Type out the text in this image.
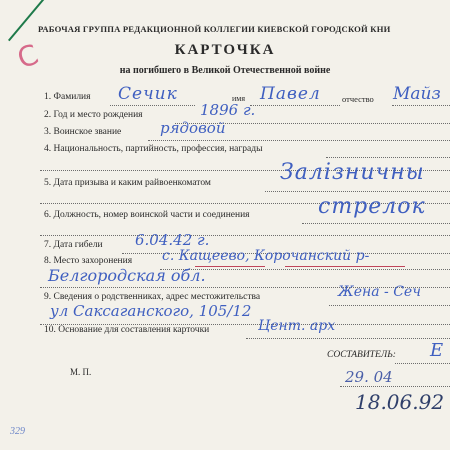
С
РАБОЧАЯ ГРУППА РЕДАКЦИОННОЙ КОЛЛЕГИИ КИЕВСКОЙ ГОРОДСКОЙ КНИ
КАРТОЧКА
на погибшего в Великой Отечественной войне
1. Фамилия Сечик	имя Павел	отчество Майз
2. Год и место рождения	1896 г.
3. Воинское звание	рядовой
4. Национальность, партийность, профессия, награды
5. Дата призыва и каким райвоенкоматом	Залізничны
6. Должность, номер воинской части и соединения	стрелок
7. Дата гибели 6.04.42 г.
8. Место захоронения с. Кащеево, Корочанский р-
Белгородская обл.
9. Сведения о родственниках, адрес местожительства	Жена - Сеч
ул Саксаганского, 105/12
10. Основание для составления карточки	Цент. арх
СОСТАВИТЕЛЬ: Е
М. П.	29. 04
18.06.92
329
